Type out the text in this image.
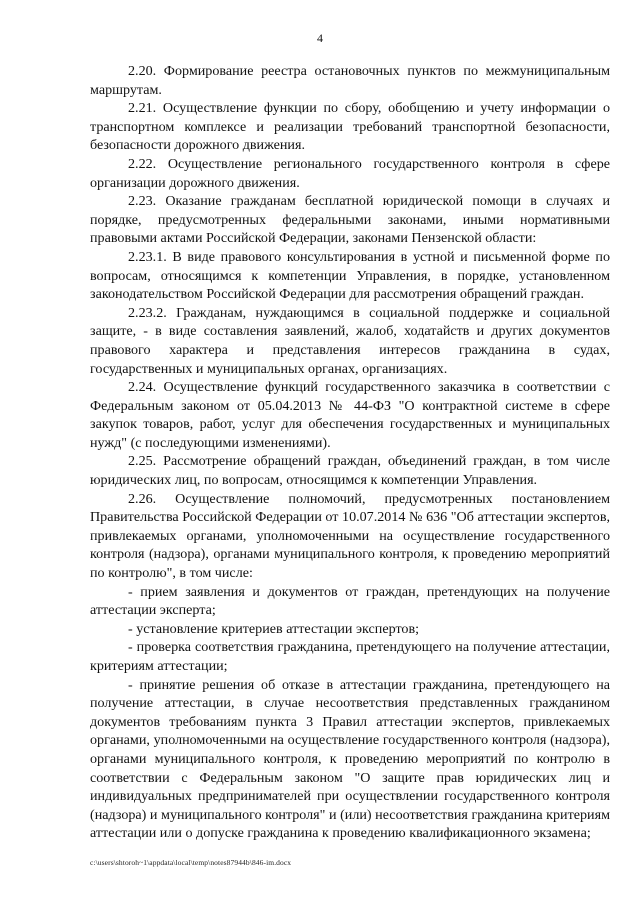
4

2.20. Формирование реестра остановочных пунктов по межмуниципальным маршрутам.

2.21. Осуществление функции по сбору, обобщению и учету информации о транспортном комплексе и реализации требований транспортной безопасности, безопасности дорожного движения.

2.22. Осуществление регионального государственного контроля в сфере организации дорожного движения.

2.23. Оказание гражданам бесплатной юридической помощи в случаях и порядке, предусмотренных федеральными законами, иными нормативными правовыми актами Российской Федерации, законами Пензенской области:

2.23.1. В виде правового консультирования в устной и письменной форме по вопросам, относящимся к компетенции Управления, в порядке, установленном законодательством Российской Федерации для рассмотрения обращений граждан.

2.23.2. Гражданам, нуждающимся в социальной поддержке и социальной защите, - в виде составления заявлений, жалоб, ходатайств и других документов правового характера и представления интересов гражданина в судах, государственных и муниципальных органах, организациях.

2.24. Осуществление функций государственного заказчика в соответствии с Федеральным законом от 05.04.2013 № 44-ФЗ "О контрактной системе в сфере закупок товаров, работ, услуг для обеспечения государственных и муниципальных нужд" (с последующими изменениями).

2.25. Рассмотрение обращений граждан, объединений граждан, в том числе юридических лиц, по вопросам, относящимся к компетенции Управления.

2.26. Осуществление полномочий, предусмотренных постановлением Правительства Российской Федерации от 10.07.2014 № 636 "Об аттестации экспертов, привлекаемых органами, уполномоченными на осуществление государственного контроля (надзора), органами муниципального контроля, к проведению мероприятий по контролю", в том числе:

- прием заявления и документов от граждан, претендующих на получение аттестации эксперта;

- установление критериев аттестации экспертов;

- проверка соответствия гражданина, претендующего на получение аттестации, критериям аттестации;

- принятие решения об отказе в аттестации гражданина, претендующего на получение аттестации, в случае несоответствия представленных гражданином документов требованиям пункта 3 Правил аттестации экспертов, привлекаемых органами, уполномоченными на осуществление государственного контроля (надзора), органами муниципального контроля, к проведению мероприятий по контролю в соответствии с Федеральным законом "О защите прав юридических лиц и индивидуальных предпринимателей при осуществлении государственного контроля (надзора) и муниципального контроля" и (или) несоответствия гражданина критериям аттестации или о допуске гражданина к проведению квалификационного экзамена;

c:\users\shtoroh~1\appdata\local\temp\notes87944b\846-im.docx
